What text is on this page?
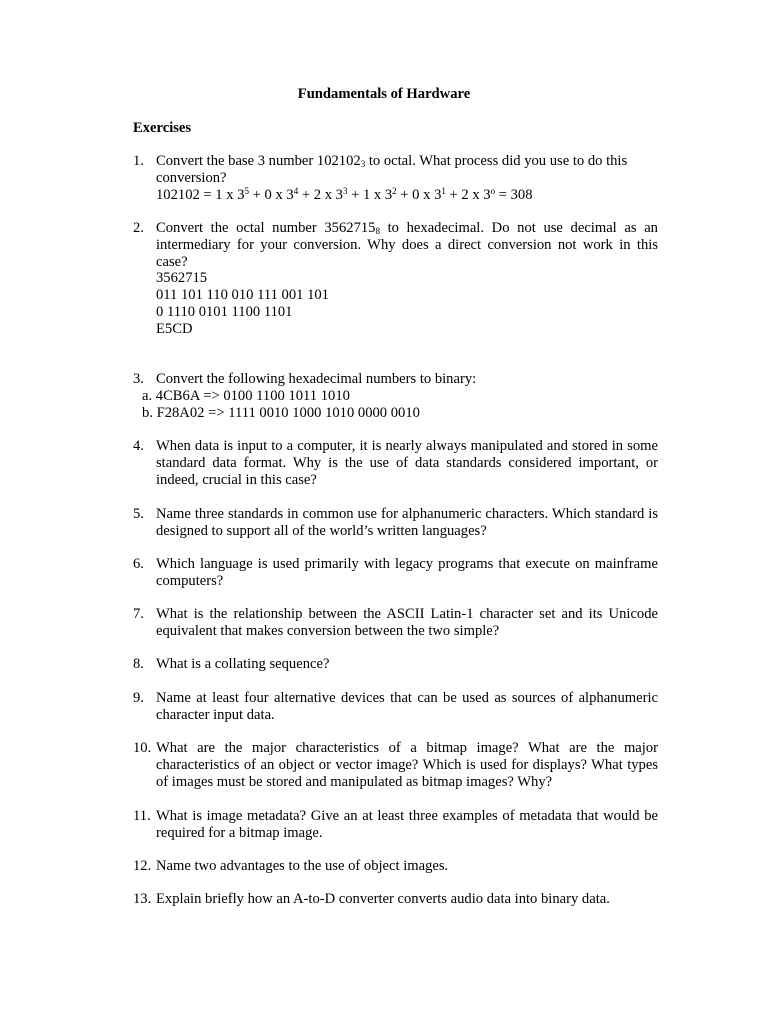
Fundamentals of Hardware
Exercises
1. Convert the base 3 number $102102_3$ to octal. What process did you use to do this
conversion?
102102 = 1 x $3^5 + 0$ x $3^4 + 2$ x $3^3 + 1$ x $3^2 + 0$ x $3^1 + 2$ x $3^o = 308$
2. Convert the octal number $3562715_8$ to hexadecimal. Do not use decimal as an intermediary for your conversion. Why does a direct conversion not work in this case?
3562715
011 101 110 010 111 001 101
0 1110 0101 1100 1101
E5CD
3. Convert the following hexadecimal numbers to binary:
a. 4CB6A => 0100 1100 1011 1010
b. F28A02 => 1111 0010 1000 1010 0000 0010
4. When data is input to a computer, it is nearly always manipulated and stored in some standard data format. Why is the use of data standards considered important, or indeed, crucial in this case?
5. Name three standards in common use for alphanumeric characters. Which standard is designed to support all of the world’s written languages?
6. Which language is used primarily with legacy programs that execute on mainframe computers?
7. What is the relationship between the ASCII Latin-1 character set and its Unicode equivalent that makes conversion between the two simple?
8. What is a collating sequence?
9. Name at least four alternative devices that can be used as sources of alphanumeric character input data.
10. What are the major characteristics of a bitmap image? What are the major characteristics of an object or vector image? Which is used for displays? What types of images must be stored and manipulated as bitmap images? Why?
11. What is image metadata? Give an at least three examples of metadata that would be required for a bitmap image.
12. Name two advantages to the use of object images.
13. Explain briefly how an A-to-D converter converts audio data into binary data.
